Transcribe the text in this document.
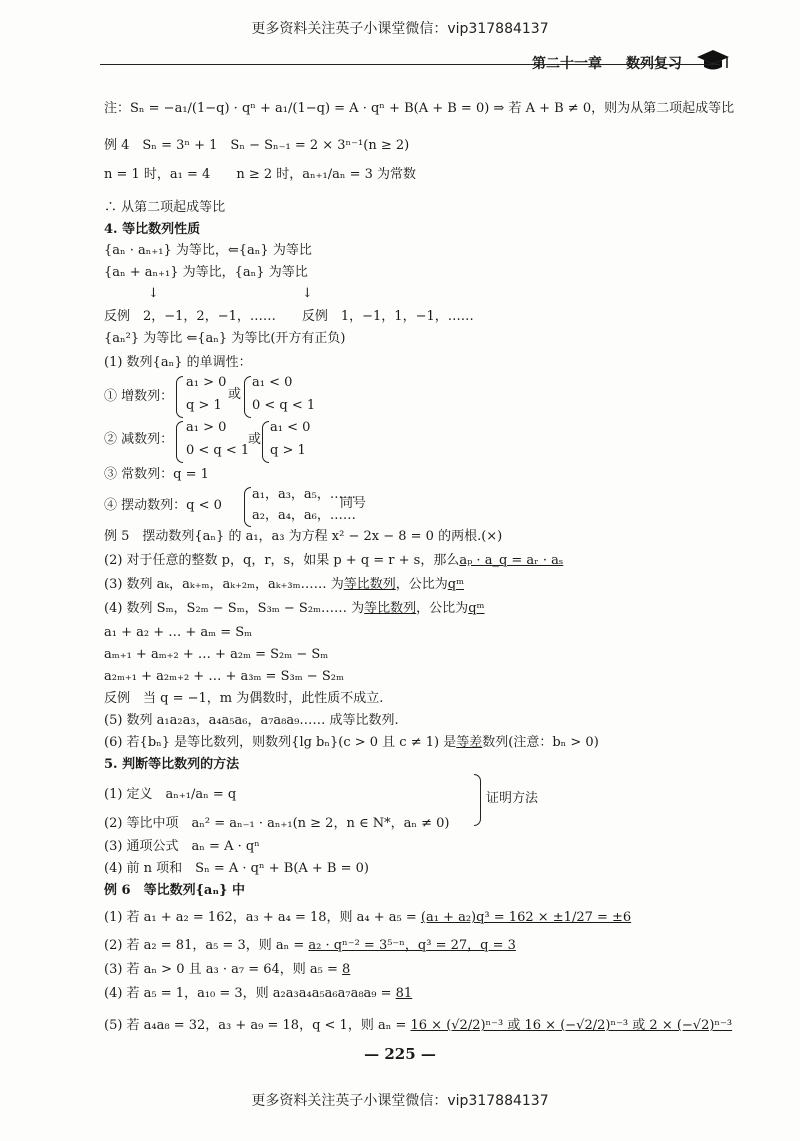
更多资料关注英子小课堂微信：vip317884137
第二十一章 数列复习
注：Sₙ = −a₁/(1−q) · qⁿ + a₁/(1−q) = A · qⁿ + B(A + B = 0) ⇒ 若 A + B ≠ 0，则为从第二项起成等比
例 4　Sₙ = 3ⁿ + 1　Sₙ − Sₙ₋₁ = 2 × 3ⁿ⁻¹(n ≥ 2)
n = 1 时，a₁ = 4　　n ≥ 2 时，aₙ₊₁/aₙ = 3 为常数
∴ 从第二项起成等比
4. 等比数列性质
{aₙ · aₙ₊₁} 为等比，⇐{aₙ} 为等比
{aₙ + aₙ₊₁} 为等比，{aₙ} 为等比
↓　　　　　　　　　　　↓
反例　2，−1，2，−1，……　　反例　1，−1，1，−1，……
{aₙ²} 为等比 ⇐{aₙ} 为等比(开方有正负)
(1) 数列{aₙ} 的单调性：
① 增数列：
a₁ > 0
q > 1
或
a₁ < 0
0 < q < 1
② 减数列：
a₁ > 0
0 < q < 1
或
a₁ < 0
q > 1
③ 常数列：q = 1
④ 摆动数列：q < 0
a₁，a₃，a₅，……
a₂，a₄，a₆，……
同号
例 5　摆动数列{aₙ} 的 a₁，a₃ 为方程 x² − 2x − 8 = 0 的两根.(×)
(2) 对于任意的整数 p，q，r，s，如果 p + q = r + s，那么aₚ · a_q = aᵣ · aₛ
(3) 数列 aₖ，aₖ₊ₘ，aₖ₊₂ₘ，aₖ₊₃ₘ…… 为等比数列，公比为qᵐ
(4) 数列 Sₘ，S₂ₘ − Sₘ，S₃ₘ − S₂ₘ…… 为等比数列，公比为qᵐ
a₁ + a₂ + … + aₘ = Sₘ
aₘ₊₁ + aₘ₊₂ + … + a₂ₘ = S₂ₘ − Sₘ
a₂ₘ₊₁ + a₂ₘ₊₂ + … + a₃ₘ = S₃ₘ − S₂ₘ
反例　当 q = −1，m 为偶数时，此性质不成立.
(5) 数列 a₁a₂a₃，a₄a₅a₆，a₇a₈a₉…… 成等比数列.
(6) 若{bₙ} 是等比数列，则数列{lg bₙ}(c > 0 且 c ≠ 1) 是等差数列(注意：bₙ > 0)
5. 判断等比数列的方法
(1) 定义　aₙ₊₁/aₙ = q
(2) 等比中项　aₙ² = aₙ₋₁ · aₙ₊₁(n ≥ 2，n ∈ N*，aₙ ≠ 0)
(3) 通项公式　aₙ = A · qⁿ
(4) 前 n 项和　Sₙ = A · qⁿ + B(A + B = 0)
证明方法
例 6　等比数列{aₙ} 中
(1) 若 a₁ + a₂ = 162，a₃ + a₄ = 18，则 a₄ + a₅ = (a₁ + a₂)q³ = 162 × ±1/27 = ±6
(2) 若 a₂ = 81，a₅ = 3，则 aₙ = a₂ · qⁿ⁻² = 3⁵⁻ⁿ，q³ = 27，q = 3
(3) 若 aₙ > 0 且 a₃ · a₇ = 64，则 a₅ = 8
(4) 若 a₅ = 1，a₁₀ = 3，则 a₂a₃a₄a₅a₆a₇a₈a₉ = 81
(5) 若 a₄a₈ = 32，a₃ + a₉ = 18，q < 1，则 aₙ = 16 × (√2/2)ⁿ⁻³ 或 16 × (−√2/2)ⁿ⁻³ 或 2 × (−√2)ⁿ⁻³
— 225 —
更多资料关注英子小课堂微信：vip317884137
